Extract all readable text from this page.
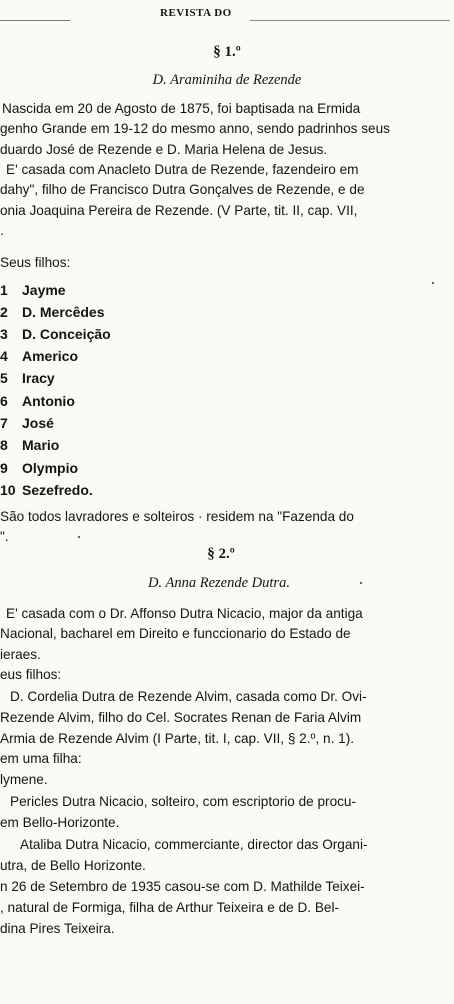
REVISTA DO
§ 1.º
D. Araminiha de Rezende
Nascida em 20 de Agosto de 1875, foi baptisada na Ermida
genho Grande em 19-12 do mesmo anno, sendo padrinhos seus
duardo José de Rezende e D. Maria Helena de Jesus.
E' casada com Anacleto Dutra de Rezende, fazendeiro em
dahy", filho de Francisco Dutra Gonçalves de Rezende, e de
onia Joaquina Pereira de Rezende. (V Parte, tit. II, cap. VII,
.
Seus filhos:
1 Jayme
2 D. Mercêdes
3 D. Conceição
4 Americo
5 Iracy
6 Antonio
7 José
8 Mario
9 Olympio
10 Sezefredo.
São todos lavradores e solteiros · residem na "Fazenda do
".
§ 2.º
D. Anna Rezende Dutra.
E' casada com o Dr. Affonso Dutra Nicacio, major da antiga
Nacional, bacharel em Direito e funccionario do Estado de
ieraes.
eus filhos:
D. Cordelia Dutra de Rezende Alvim, casada como Dr. Ovi-
Rezende Alvim, filho do Cel. Socrates Renan de Faria Alvim
Armia de Rezende Alvim (I Parte, tit. I, cap. VII, § 2.º, n. 1).
em uma filha:
lymene.
Pericles Dutra Nicacio, solteiro, com escriptorio de procu-
em Bello-Horizonte.
Ataliba Dutra Nicacio, commerciante, director das Organi-
utra, de Bello Horizonte.
n 26 de Setembro de 1935 casou-se com D. Mathilde Teixei-
, natural de Formiga, filha de Arthur Teixeira e de D. Bel-
dina Pires Teixeira.
